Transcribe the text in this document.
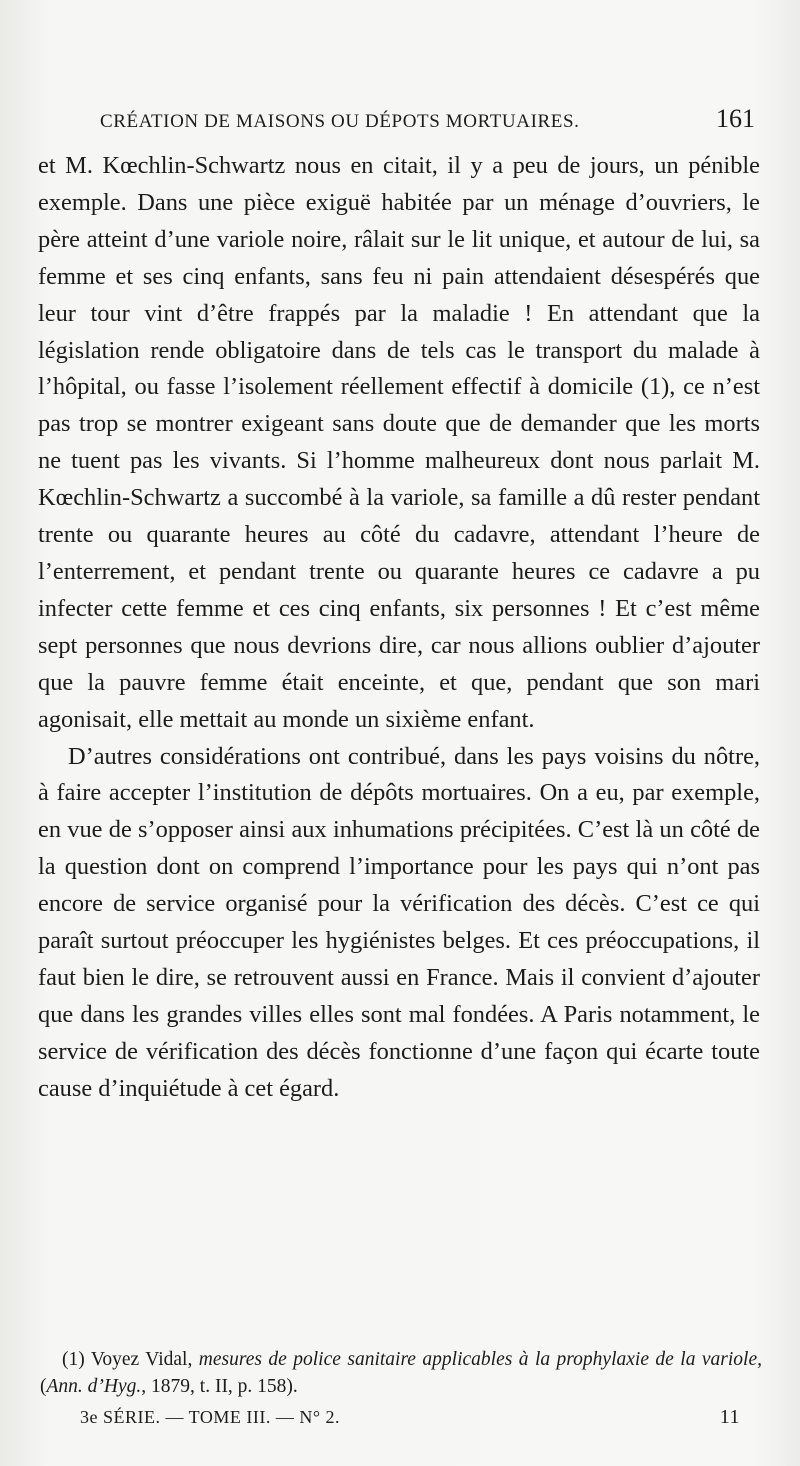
CRÉATION DE MAISONS OU DÉPOTS MORTUAIRES.	161

et M. Kœchlin-Schwartz nous en citait, il y a peu de jours, un pénible exemple. Dans une pièce exiguë habitée par un ménage d’ouvriers, le père atteint d’une variole noire, râlait sur le lit unique, et autour de lui, sa femme et ses cinq enfants, sans feu ni pain attendaient désespérés que leur tour vint d’être frappés par la maladie ! En attendant que la législation rende obligatoire dans de tels cas le transport du malade à l’hôpital, ou fasse l’isolement réellement effectif à domicile (1), ce n’est pas trop se montrer exigeant sans doute que de demander que les morts ne tuent pas les vivants. Si l’homme malheureux dont nous parlait M. Kœchlin-Schwartz a succombé à la variole, sa famille a dû rester pendant trente ou quarante heures au côté du cadavre, attendant l’heure de l’enterrement, et pendant trente ou quarante heures ce cadavre a pu infecter cette femme et ces cinq enfants, six personnes ! Et c’est même sept personnes que nous devrions dire, car nous allions oublier d’ajouter que la pauvre femme était enceinte, et que, pendant que son mari agonisait, elle mettait au monde un sixième enfant.

D’autres considérations ont contribué, dans les pays voisins du nôtre, à faire accepter l’institution de dépôts mortuaires. On a eu, par exemple, en vue de s’opposer ainsi aux inhumations précipitées. C’est là un côté de la question dont on comprend l’importance pour les pays qui n’ont pas encore de service organisé pour la vérification des décès. C’est ce qui paraît surtout préoccuper les hygiénistes belges. Et ces préoccupations, il faut bien le dire, se retrouvent aussi en France. Mais il convient d’ajouter que dans les grandes villes elles sont mal fondées. A Paris notamment, le service de vérification des décès fonctionne d’une façon qui écarte toute cause d’inquiétude à cet égard.

(1) Voyez Vidal, mesures de police sanitaire applicables à la prophylaxie de la variole, (Ann. d’Hyg., 1879, t. II, p. 158).

3e SÉRIE. — TOME III. — N° 2.	11
